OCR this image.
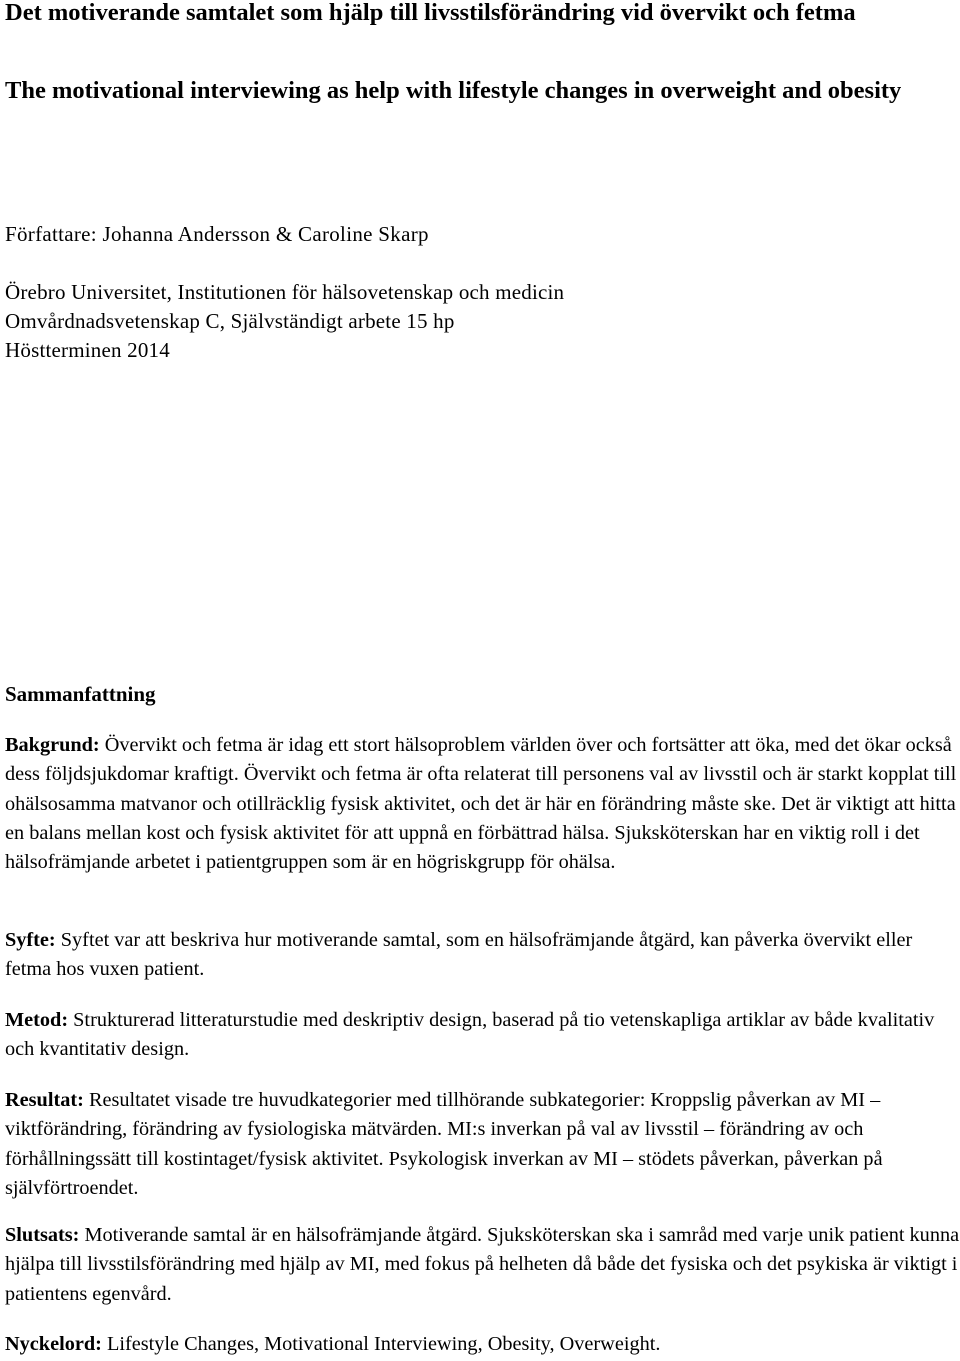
Det motiverande samtalet som hjälp till livsstilsförändring vid övervikt och fetma
The motivational interviewing as help with lifestyle changes in overweight and obesity

Författare: Johanna Andersson & Caroline Skarp

Örebro Universitet, Institutionen för hälsovetenskap och medicin
Omvårdnadsvetenskap C, Självständigt arbete 15 hp
Höstterminen 2014
Sammanfattning

Bakgrund: Övervikt och fetma är idag ett stort hälsoproblem världen över och fortsätter att öka, med det ökar också dess följdsjukdomar kraftigt. Övervikt och fetma är ofta relaterat till personens val av livsstil och är starkt kopplat till ohälsosamma matvanor och otillräcklig fysisk aktivitet, och det är här en förändring måste ske. Det är viktigt att hitta en balans mellan kost och fysisk aktivitet för att uppnå en förbättrad hälsa. Sjuksköterskan har en viktig roll i det hälsofrämjande arbetet i patientgruppen som är en högriskgrupp för ohälsa.

Syfte: Syftet var att beskriva hur motiverande samtal, som en hälsofrämjande åtgärd, kan påverka övervikt eller fetma hos vuxen patient.

Metod: Strukturerad litteraturstudie med deskriptiv design, baserad på tio vetenskapliga artiklar av både kvalitativ och kvantitativ design.

Resultat: Resultatet visade tre huvudkategorier med tillhörande subkategorier: Kroppslig påverkan av MI – viktförändring, förändring av fysiologiska mätvärden. MI:s inverkan på val av livsstil – förändring av och förhållningssätt till kostintaget/fysisk aktivitet. Psykologisk inverkan av MI – stödets påverkan, påverkan på självförtroendet.

Slutsats: Motiverande samtal är en hälsofrämjande åtgärd. Sjuksköterskan ska i samråd med varje unik patient kunna hjälpa till livsstilsförändring med hjälp av MI, med fokus på helheten då både det fysiska och det psykiska är viktigt i patientens egenvård.

Nyckelord: Lifestyle Changes, Motivational Interviewing, Obesity, Overweight.
